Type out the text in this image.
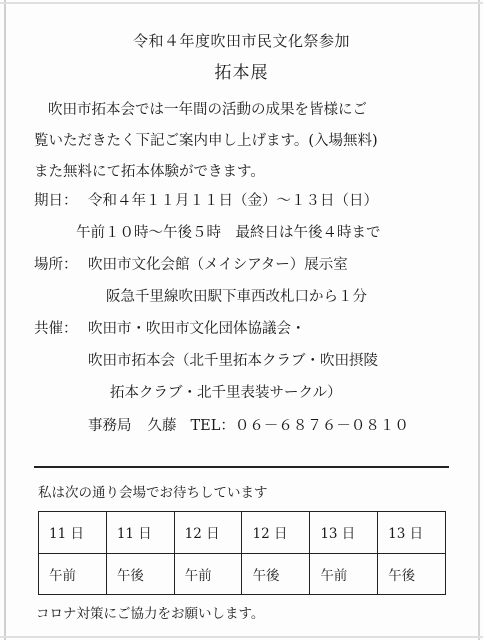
令和４年度吹田市民文化祭参加
拓本展

吹田市拓本会では一年間の活動の成果を皆様にご

覧いただきたく下記ご案内申し上げます。(入場無料)

また無料にて拓本体験ができます。

期日： 令和４年１１月１１日（金）～１３日（日）
午前１０時～午後５時　最終日は午後４時まで
場所： 吹田市文化会館（メイシアター）展示室
阪急千里線吹田駅下車西改札口から１分
共催： 吹田市・吹田市文化団体協議会・
吹田市拓本会（北千里拓本クラブ・吹田摂陵
拓本クラブ・北千里表装サークル）
事務局 久藤 TEL：０６－６８７６－０８１０
私は次の通り会場でお待ちしています
11 日	11 日	12 日	12 日	13 日	13 日
午前	午後	午前	午後	午前	午後
コロナ対策にご協力をお願いします。
